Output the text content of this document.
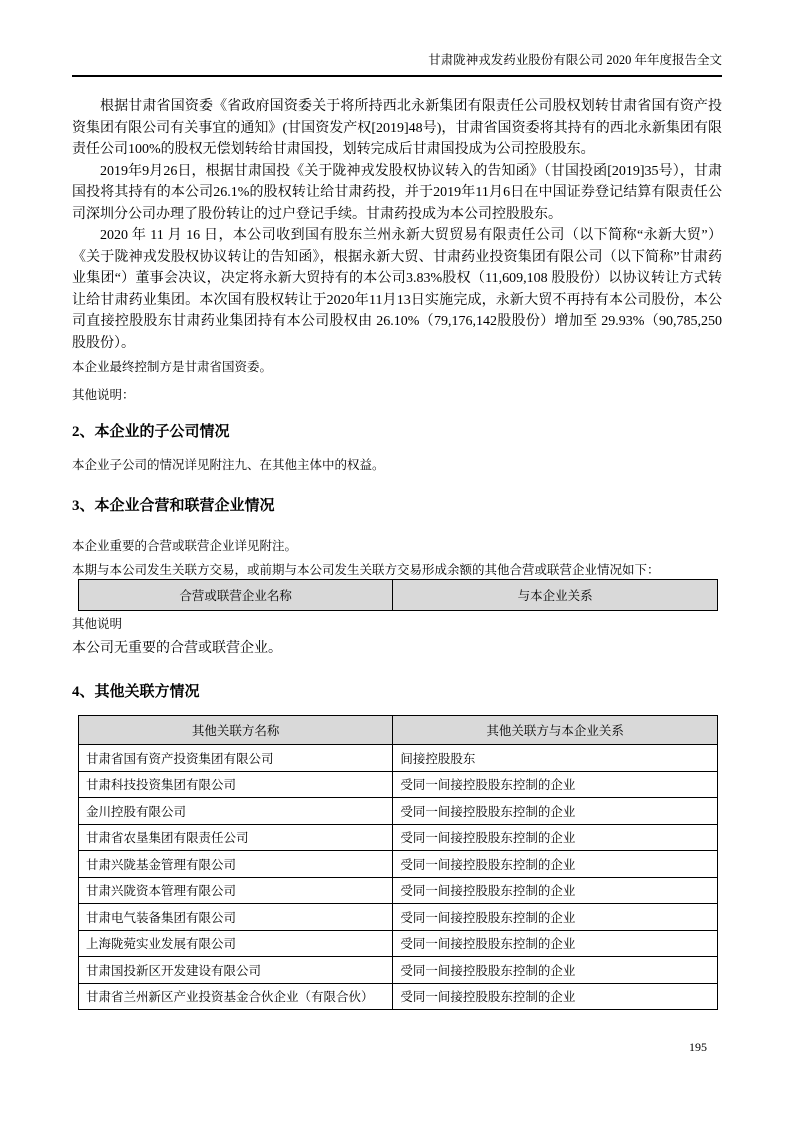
甘肃陇神戎发药业股份有限公司 2020 年年度报告全文

根据甘肃省国资委《省政府国资委关于将所持西北永新集团有限责任公司股权划转甘肃省国有资产投资集团有限公司有关事宜的通知》(甘国资发产权[2019]48号)，甘肃省国资委将其持有的西北永新集团有限责任公司100%的股权无偿划转给甘肃国投，划转完成后甘肃国投成为公司控股股东。

2019年9月26日，根据甘肃国投《关于陇神戎发股权协议转入的告知函》（甘国投函[2019]35号），甘肃国投将其持有的本公司26.1%的股权转让给甘肃药投，并于2019年11月6日在中国证券登记结算有限责任公司深圳分公司办理了股份转让的过户登记手续。甘肃药投成为本公司控股股东。

2020 年 11 月 16 日，本公司收到国有股东兰州永新大贸贸易有限责任公司（以下简称“永新大贸”）《关于陇神戎发股权协议转让的告知函》，根据永新大贸、甘肃药业投资集团有限公司（以下简称”甘肃药业集团“）董事会决议，决定将永新大贸持有的本公司3.83%股权（11,609,108 股股份）以协议转让方式转让给甘肃药业集团。本次国有股权转让于2020年11月13日实施完成，永新大贸不再持有本公司股份，本公司直接控股股东甘肃药业集团持有本公司股权由 26.10%（79,176,142股股份）增加至 29.93%（90,785,250股股份）。

本企业最终控制方是甘肃省国资委。

其他说明：

2、本企业的子公司情况

本企业子公司的情况详见附注九、在其他主体中的权益。

3、本企业合营和联营企业情况

本企业重要的合营或联营企业详见附注。

本期与本公司发生关联方交易，或前期与本公司发生关联方交易形成余额的其他合营或联营企业情况如下：

合营或联营企业名称	与本企业关系

其他说明

本公司无重要的合营或联营企业。

4、其他关联方情况
其他关联方名称	其他关联方与本企业关系
甘肃省国有资产投资集团有限公司	间接控股股东
甘肃科技投资集团有限公司	受同一间接控股股东控制的企业
金川控股有限公司	受同一间接控股股东控制的企业
甘肃省农垦集团有限责任公司	受同一间接控股股东控制的企业
甘肃兴陇基金管理有限公司	受同一间接控股股东控制的企业
甘肃兴陇资本管理有限公司	受同一间接控股股东控制的企业
甘肃电气装备集团有限公司	受同一间接控股股东控制的企业
上海陇菀实业发展有限公司	受同一间接控股股东控制的企业
甘肃国投新区开发建设有限公司	受同一间接控股股东控制的企业
甘肃省兰州新区产业投资基金合伙企业（有限合伙）	受同一间接控股股东控制的企业
195
